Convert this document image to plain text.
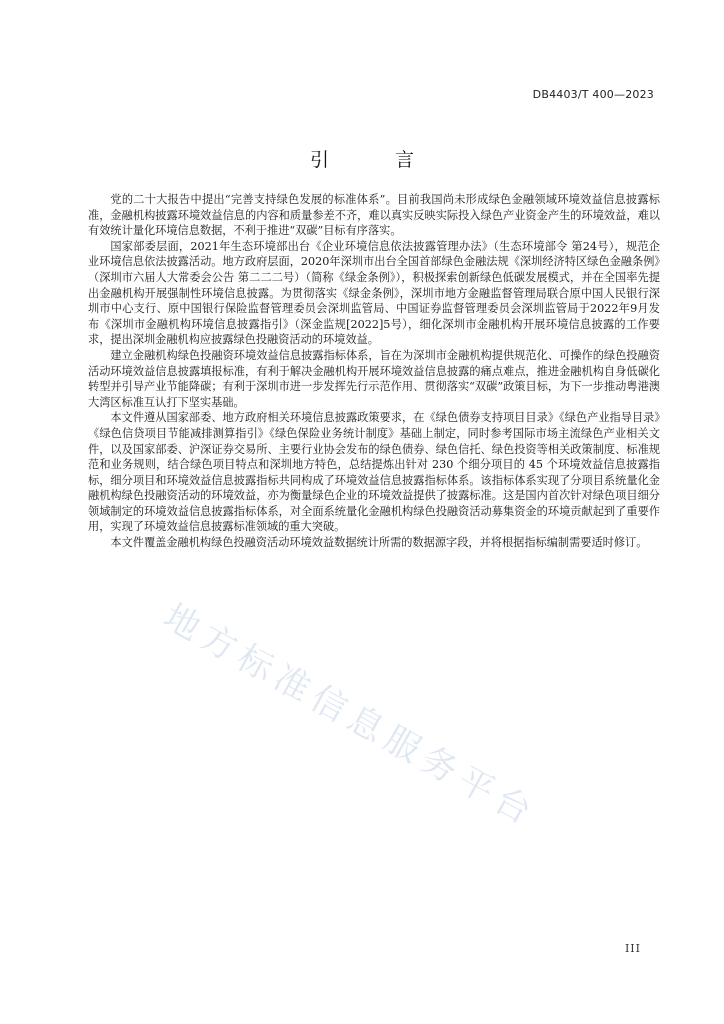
DB4403/T 400—2023
引 言

党的二十大报告中提出“完善支持绿色发展的标准体系”。目前我国尚未形成绿色金融领域环境效益信息披露标准，金融机构披露环境效益信息的内容和质量参差不齐，难以真实反映实际投入绿色产业资金产生的环境效益，难以有效统计量化环境信息数据，不利于推进“双碳”目标有序落实。

国家部委层面，2021年生态环境部出台《企业环境信息依法披露管理办法》（生态环境部令 第24号），规范企业环境信息依法披露活动。地方政府层面，2020年深圳市出台全国首部绿色金融法规《深圳经济特区绿色金融条例》（深圳市六届人大常委会公告 第二二二号）（简称《绿金条例》），积极探索创新绿色低碳发展模式，并在全国率先提出金融机构开展强制性环境信息披露。为贯彻落实《绿金条例》，深圳市地方金融监督管理局联合原中国人民银行深圳市中心支行、原中国银行保险监督管理委员会深圳监管局、中国证券监督管理委员会深圳监管局于2022年9月发布《深圳市金融机构环境信息披露指引》（深金监规[2022]5号），细化深圳市金融机构开展环境信息披露的工作要求，提出深圳金融机构应披露绿色投融资活动的环境效益。

建立金融机构绿色投融资环境效益信息披露指标体系，旨在为深圳市金融机构提供规范化、可操作的绿色投融资活动环境效益信息披露填报标准，有利于解决金融机构开展环境效益信息披露的痛点难点，推进金融机构自身低碳化转型并引导产业节能降碳；有利于深圳市进一步发挥先行示范作用、贯彻落实“双碳”政策目标，为下一步推动粤港澳大湾区标准互认打下坚实基础。

本文件遵从国家部委、地方政府相关环境信息披露政策要求，在《绿色债券支持项目目录》《绿色产业指导目录》《绿色信贷项目节能减排测算指引》《绿色保险业务统计制度》基础上制定，同时参考国际市场主流绿色产业相关文件，以及国家部委、沪深证券交易所、主要行业协会发布的绿色债券、绿色信托、绿色投资等相关政策制度、标准规范和业务规则，结合绿色项目特点和深圳地方特色，总结提炼出针对 230 个细分项目的 45 个环境效益信息披露指标，细分项目和环境效益信息披露指标共同构成了环境效益信息披露指标体系。该指标体系实现了分项目系统量化金融机构绿色投融资活动的环境效益，亦为衡量绿色企业的环境效益提供了披露标准。这是国内首次针对绿色项目细分领域制定的环境效益信息披露指标体系，对全面系统量化金融机构绿色投融资活动募集资金的环境贡献起到了重要作用，实现了环境效益信息披露标准领域的重大突破。

本文件覆盖金融机构绿色投融资活动环境效益数据统计所需的数据源字段，并将根据指标编制需要适时修订。

地方标准信息服务平台
III
